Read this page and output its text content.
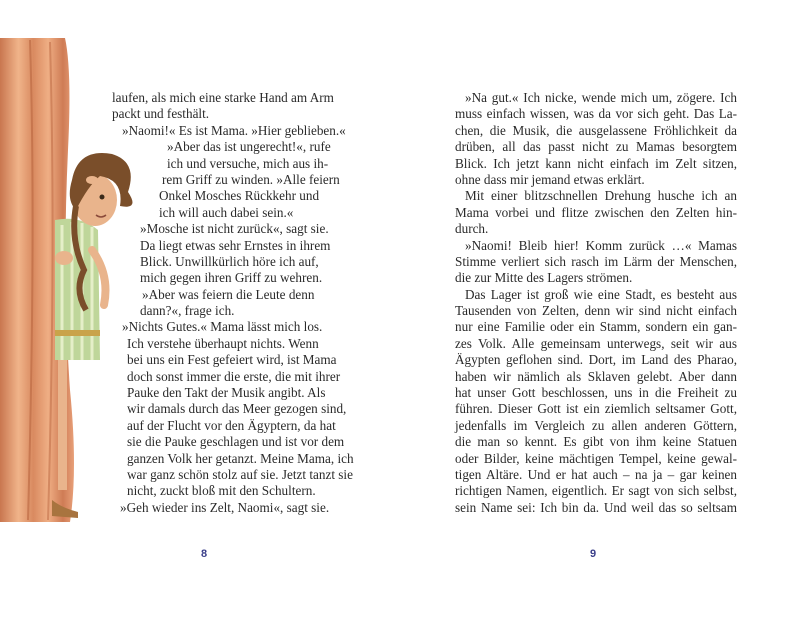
laufen, als mich eine starke Hand am Arm
packt und festhält.
»Naomi!« Es ist Mama. »Hier geblieben.«
»Aber das ist ungerecht!«, rufe
ich und versuche, mich aus ih-
rem Griff zu winden. »Alle feiern
Onkel Mosches Rückkehr und
ich will auch dabei sein.«
»Mosche ist nicht zurück«, sagt sie.
Da liegt etwas sehr Ernstes in ihrem
Blick. Unwillkürlich höre ich auf,
mich gegen ihren Griff zu wehren.
»Aber was feiern die Leute denn
dann?«, frage ich.
»Nichts Gutes.« Mama lässt mich los.
Ich verstehe überhaupt nichts. Wenn
bei uns ein Fest gefeiert wird, ist Mama
doch sonst immer die erste, die mit ihrer
Pauke den Takt der Musik angibt. Als
wir damals durch das Meer gezogen sind,
auf der Flucht vor den Ägyptern, da hat
sie die Pauke geschlagen und ist vor dem
ganzen Volk her getanzt. Meine Mama, ich
war ganz schön stolz auf sie. Jetzt tanzt sie
nicht, zuckt bloß mit den Schultern.
»Geh wieder ins Zelt, Naomi«, sagt sie.
8
»Na gut.« Ich nicke, wende mich um, zögere. Ich
muss einfach wissen, was da vor sich geht. Das La-
chen, die Musik, die ausgelassene Fröhlichkeit da
drüben, all das passt nicht zu Mamas besorgtem
Blick. Ich jetzt kann nicht einfach im Zelt sitzen,
ohne dass mir jemand etwas erklärt.
Mit einer blitzschnellen Drehung husche ich an
Mama vorbei und flitze zwischen den Zelten hin-
durch.
»Naomi! Bleib hier! Komm zurück …« Mamas
Stimme verliert sich rasch im Lärm der Menschen,
die zur Mitte des Lagers strömen.
Das Lager ist groß wie eine Stadt, es besteht aus
Tausenden von Zelten, denn wir sind nicht einfach
nur eine Familie oder ein Stamm, sondern ein gan-
zes Volk. Alle gemeinsam unterwegs, seit wir aus
Ägypten geflohen sind. Dort, im Land des Pharao,
haben wir nämlich als Sklaven gelebt. Aber dann
hat unser Gott beschlossen, uns in die Freiheit zu
führen. Dieser Gott ist ein ziemlich seltsamer Gott,
jedenfalls im Vergleich zu allen anderen Göttern,
die man so kennt. Es gibt von ihm keine Statuen
oder Bilder, keine mächtigen Tempel, keine gewal-
tigen Altäre. Und er hat auch – na ja – gar keinen
richtigen Namen, eigentlich. Er sagt von sich selbst,
sein Name sei: Ich bin da. Und weil das so seltsam
9
